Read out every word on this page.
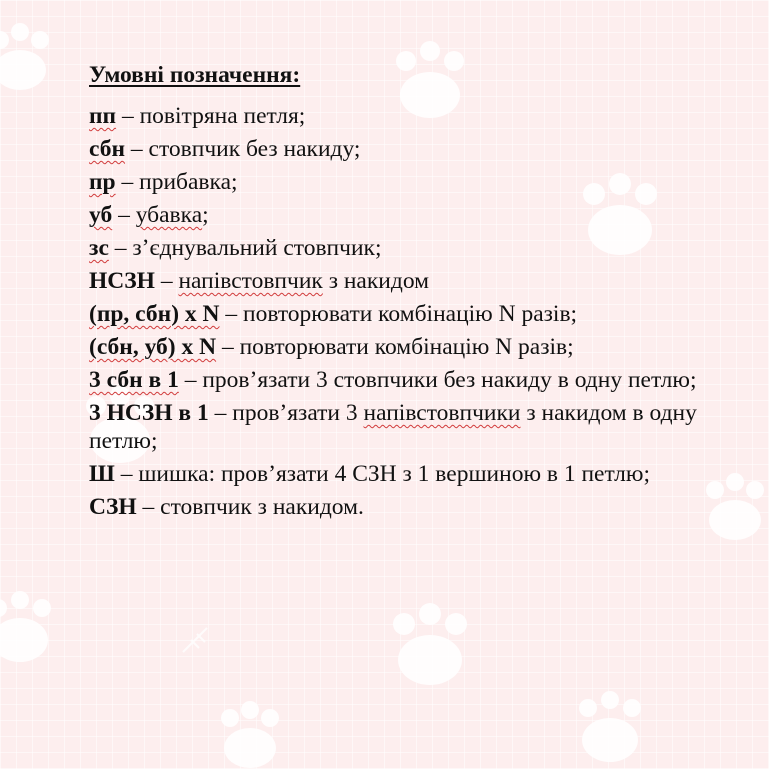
Умовні позначення:
пп – повітряна петля;
сбн – стовпчик без накиду;
пр – прибавка;
уб – убавка;
зс – з’єднувальний стовпчик;
НСЗН – напівстовпчик з накидом
(пр, сбн) х N – повторювати комбінацію N разів;
(сбн, уб) х N – повторювати комбінацію N разів;
3 сбн в 1 – пров’язати 3 стовпчики без накиду в одну петлю;
3 НСЗН в 1 – пров’язати 3 напівстовпчики з накидом в одну петлю;
Ш – шишка: пров’язати 4 СЗН з 1 вершиною в 1 петлю;
СЗН – стовпчик з накидом.
